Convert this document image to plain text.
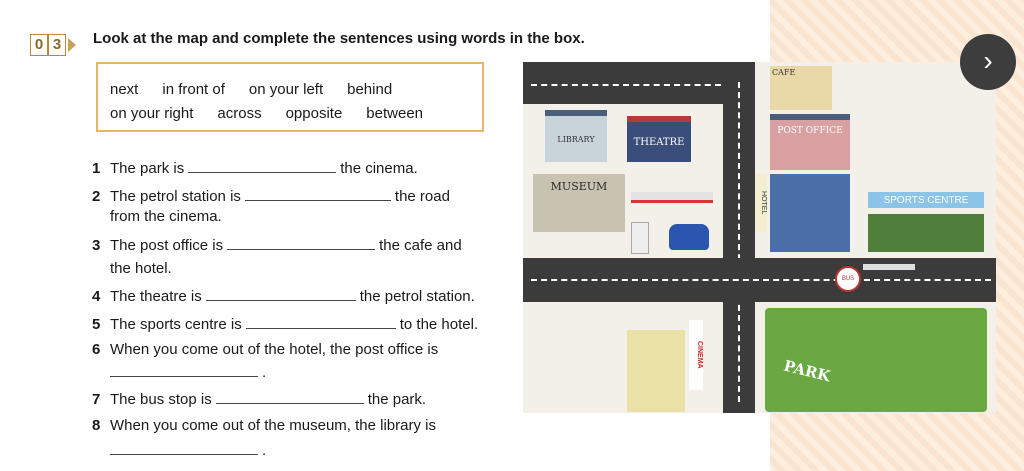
0 3	Look at the map and complete the sentences using words in the box.
next in front of on your left behind
on your right across opposite between
1 The park is	the cinema.
2 The petrol station is	the road
from the cinema.
3 The post office is	the cafe and
the hotel.
4 The theatre is	the petrol station.
5 The sports centre is	to the hotel.
6 When you come out of the hotel, the post office is
.
7 The bus stop is	the park.
8 When you come out of the museum, the library is
.
LIBRARY	THEATRE
MUSEUM
CAFE
POST OFFICE
HOTEL	SPORTS CENTRE
BUS
CINEMA
PARK
›
